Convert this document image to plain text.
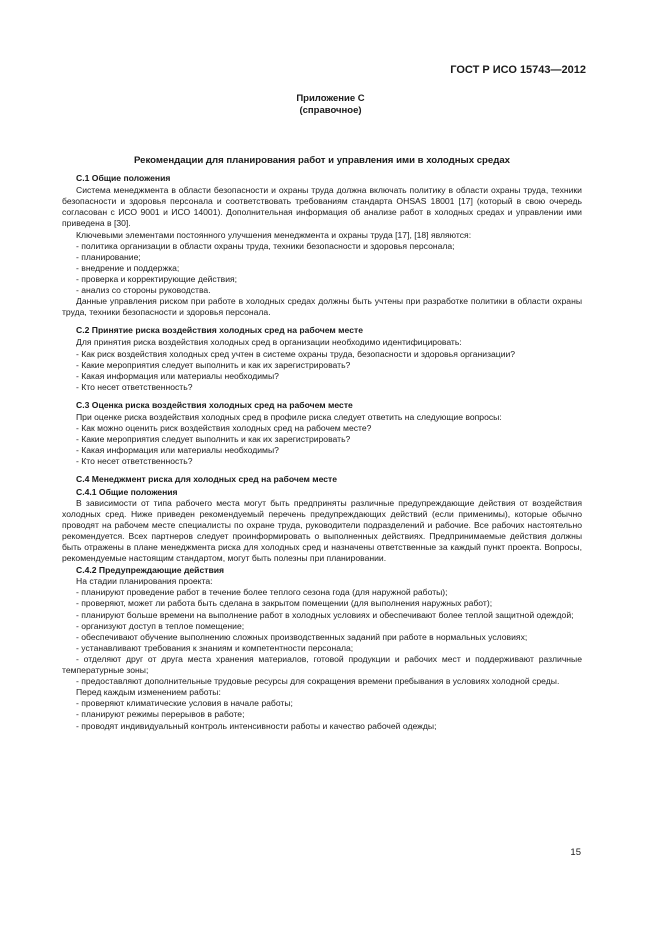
ГОСТ Р ИСО 15743—2012
Приложение С
(справочное)

Рекомендации для планирования работ и управления ими в холодных средах

С.1 Общие положения

Система менеджмента в области безопасности и охраны труда должна включать политику в области охраны труда, техники безопасности и здоровья персонала и соответствовать требованиям стандарта OHSAS 18001 [17] (который в свою очередь согласован с ИСО 9001 и ИСО 14001). Дополнительная информация об анализе работ в холодных средах и управлении ими приведена в [30].

Ключевыми элементами постоянного улучшения менеджмента и охраны труда [17], [18] являются:

- политика организации в области охраны труда, техники безопасности и здоровья персонала;

- планирование;

- внедрение и поддержка;

- проверка и корректирующие действия;

- анализ со стороны руководства.

Данные управления риском при работе в холодных средах должны быть учтены при разработке политики в области охраны труда, техники безопасности и здоровья персонала.

С.2 Принятие риска воздействия холодных сред на рабочем месте

Для принятия риска воздействия холодных сред в организации необходимо идентифицировать:

- Как риск воздействия холодных сред учтен в системе охраны труда, безопасности и здоровья организации?

- Какие мероприятия следует выполнить и как их зарегистрировать?

- Какая информация или материалы необходимы?

- Кто несет ответственность?

С.3 Оценка риска воздействия холодных сред на рабочем месте

При оценке риска воздействия холодных сред в профиле риска следует ответить на следующие вопросы:

- Как можно оценить риск воздействия холодных сред на рабочем месте?

- Какие мероприятия следует выполнить и как их зарегистрировать?

- Какая информация или материалы необходимы?

- Кто несет ответственность?

С.4 Менеджмент риска для холодных сред на рабочем месте

С.4.1 Общие положения

В зависимости от типа рабочего места могут быть предприняты различные предупреждающие действия от воздействия холодных сред. Ниже приведен рекомендуемый перечень предупреждающих действий (если применимы), которые обычно проводят на рабочем месте специалисты по охране труда, руководители подразделений и рабочие. Все рабочих настоятельно рекомендуется. Всех партнеров следует проинформировать о выполненных действиях. Предпринимаемые действия должны быть отражены в плане менеджмента риска для холодных сред и назначены ответственные за каждый пункт проекта. Вопросы, рекомендуемые настоящим стандартом, могут быть полезны при планировании.

С.4.2 Предупреждающие действия

На стадии планирования проекта:

- планируют проведение работ в течение более теплого сезона года (для наружной работы);

- проверяют, может ли работа быть сделана в закрытом помещении (для выполнения наружных работ);

- планируют больше времени на выполнение работ в холодных условиях и обеспечивают более теплой защитной одеждой;

- организуют доступ в теплое помещение;

- обеспечивают обучение выполнению сложных производственных заданий при работе в нормальных условиях;

- устанавливают требования к знаниям и компетентности персонала;

- отделяют друг от друга места хранения материалов, готовой продукции и рабочих мест и поддерживают различные температурные зоны;

- предоставляют дополнительные трудовые ресурсы для сокращения времени пребывания в условиях холодной среды.

Перед каждым изменением работы:

- проверяют климатические условия в начале работы;

- планируют режимы перерывов в работе;

- проводят индивидуальный контроль интенсивности работы и качество рабочей одежды;

15
